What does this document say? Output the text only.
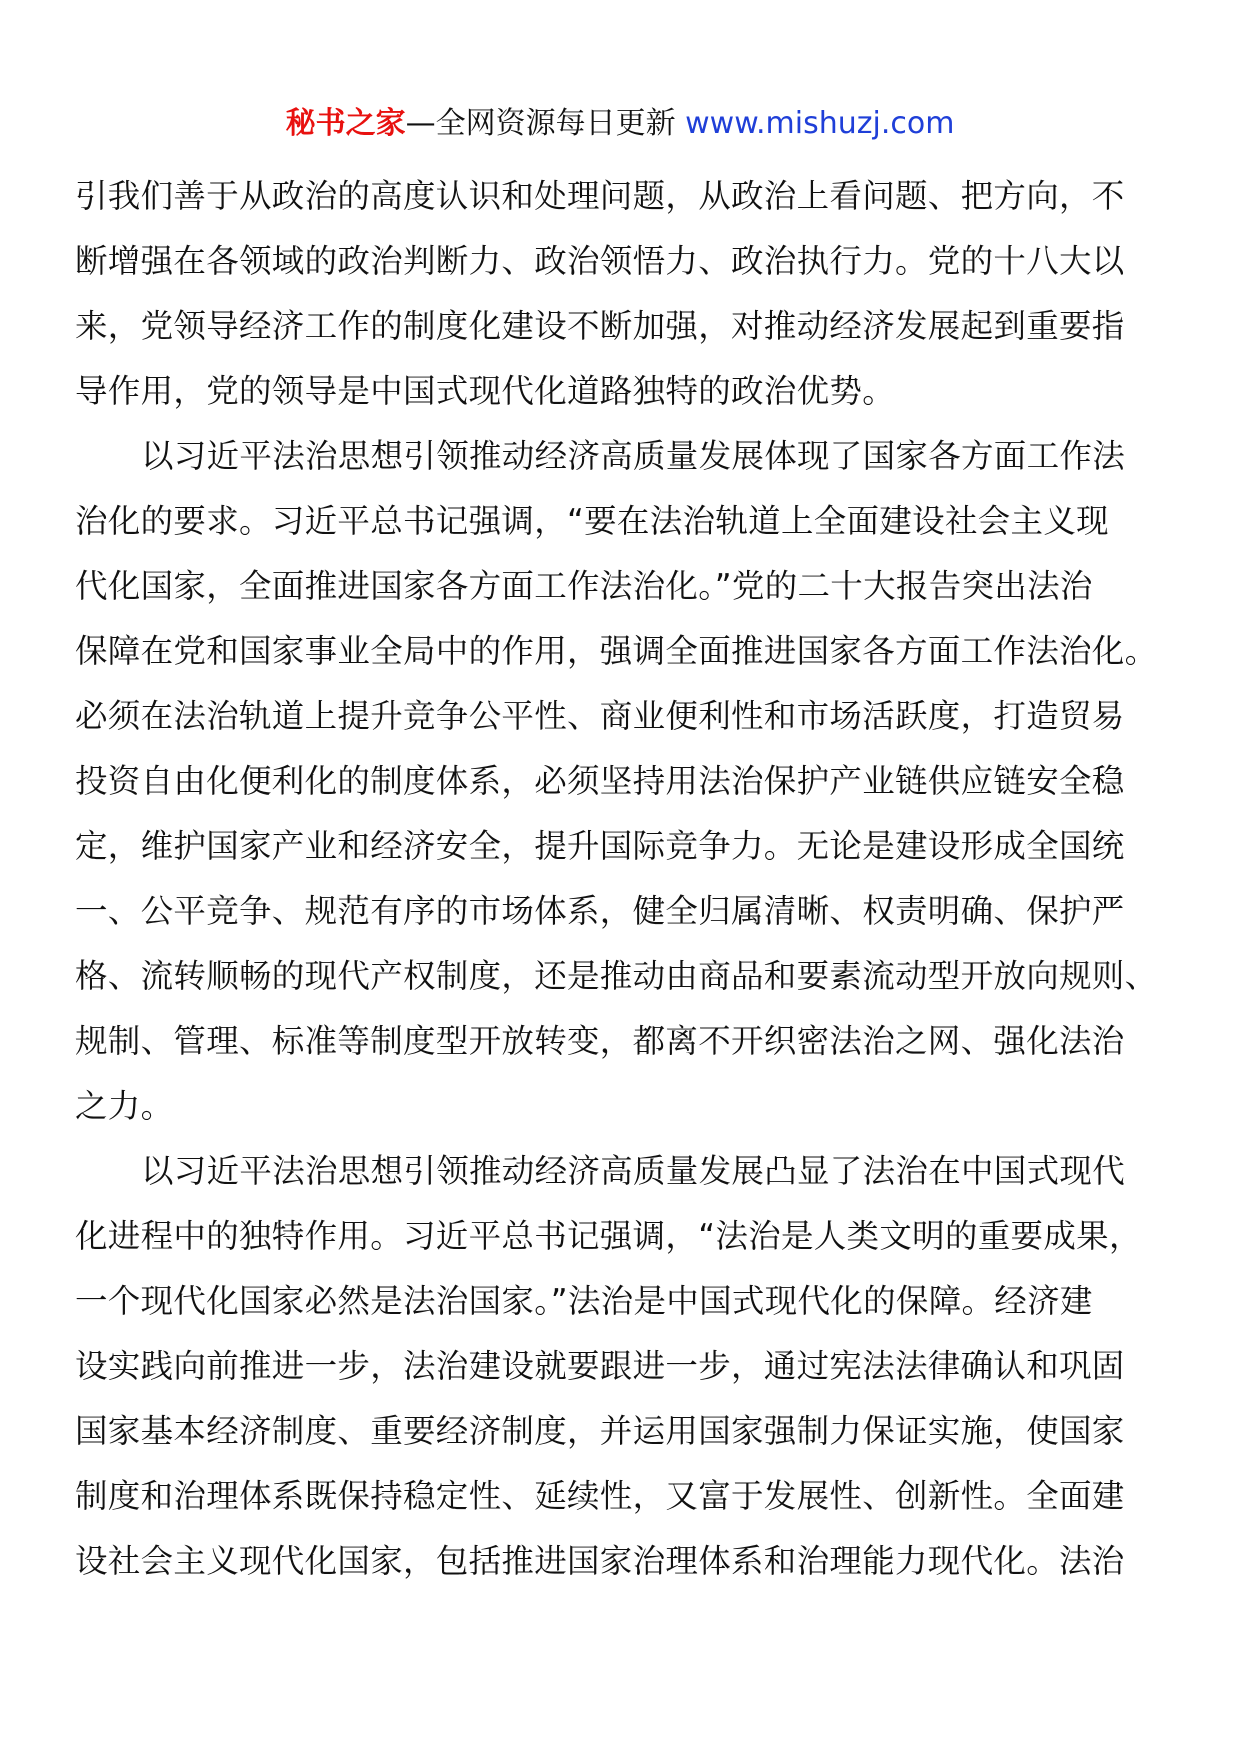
秘书之家—全网资源每日更新 www.mishuzj.com
引我们善于从政治的高度认识和处理问题，从政治上看问题、把方向，不
断增强在各领域的政治判断力、政治领悟力、政治执行力。党的十八大以
来，党领导经济工作的制度化建设不断加强，对推动经济发展起到重要指
导作用，党的领导是中国式现代化道路独特的政治优势。
以习近平法治思想引领推动经济高质量发展体现了国家各方面工作法
治化的要求。习近平总书记强调，“要在法治轨道上全面建设社会主义现
代化国家，全面推进国家各方面工作法治化。”党的二十大报告突出法治
保障在党和国家事业全局中的作用，强调全面推进国家各方面工作法治化。
必须在法治轨道上提升竞争公平性、商业便利性和市场活跃度，打造贸易
投资自由化便利化的制度体系，必须坚持用法治保护产业链供应链安全稳
定，维护国家产业和经济安全，提升国际竞争力。无论是建设形成全国统
一、公平竞争、规范有序的市场体系，健全归属清晰、权责明确、保护严
格、流转顺畅的现代产权制度，还是推动由商品和要素流动型开放向规则、
规制、管理、标准等制度型开放转变，都离不开织密法治之网、强化法治
之力。
以习近平法治思想引领推动经济高质量发展凸显了法治在中国式现代
化进程中的独特作用。习近平总书记强调，“法治是人类文明的重要成果，
一个现代化国家必然是法治国家。”法治是中国式现代化的保障。经济建
设实践向前推进一步，法治建设就要跟进一步，通过宪法法律确认和巩固
国家基本经济制度、重要经济制度，并运用国家强制力保证实施，使国家
制度和治理体系既保持稳定性、延续性，又富于发展性、创新性。全面建
设社会主义现代化国家，包括推进国家治理体系和治理能力现代化。法治
